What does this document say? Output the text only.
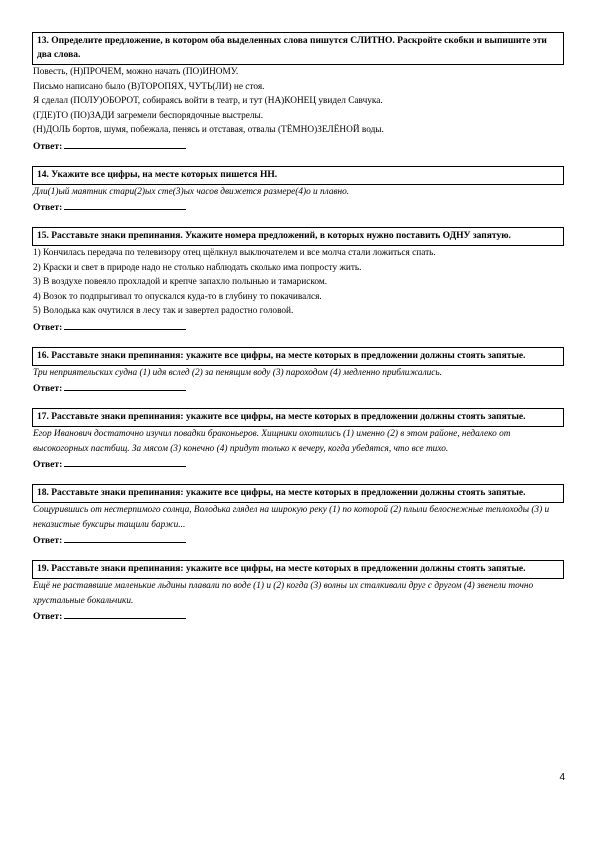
13. Определите предложение, в котором оба выделенных слова пишутся СЛИТНО. Раскройте скобки и выпишите эти два слова.
Повесть, (Н)ПРОЧЕМ, можно начать (ПО)ИНОМУ.
Письмо написано было (В)ТОРОПЯХ, ЧУТЬ(ЛИ) не стоя.
Я сделал (ПОЛУ)ОБОРОТ, собираясь войти в театр, и тут (НА)КОНЕЦ увидел Савчука.
(ГДЕ)ТО (ПО)ЗАДИ загремели беспорядочные выстрелы.
(Н)ДОЛЬ бортов, шумя, побежала, пенясь и отставая, отвалы (ТЁМНО)ЗЕЛЁНОЙ воды.
Ответ:
14. Укажите все цифры, на месте которых пишется НН.
Дли(1)ый маятник стари(2)ых сте(3)ых часов движется размере(4)о и плавно.
Ответ:
15. Расставьте знаки препинания. Укажите номера предложений, в которых нужно поставить ОДНУ запятую.
1) Кончилась передача по телевизору отец щёлкнул выключателем и все молча стали ложиться спать.
2) Краски и свет в природе надо не столько наблюдать сколько има попросту жить.
3) В воздухе повеяло прохладой и крепче запахло полынью и тамариском.
4) Возок то подпрыгивал то опускался куда-то в глубину то покачивался.
5) Володька как очутился в лесу так и завертел радостно головой.
Ответ:
16. Расставьте знаки препинания: укажите все цифры, на месте которых в предложении должны стоять запятые.
Три неприятельских судна (1) идя вслед (2) за пенящим воду (3) пароходом (4) медленно приближались.
Ответ:
17. Расставьте знаки препинания: укажите все цифры, на месте которых в предложении должны стоять запятые.
Егор Иванович достаточно изучил повадки браконьеров. Хищники охотились (1) именно (2) в этом районе, недалеко от высокогорных пастбищ. За мясом (3) конечно (4) придут только к вечеру, когда убедятся, что все тихо.
Ответ:
18. Расставьте знаки препинания: укажите все цифры, на месте которых в предложении должны стоять запятые.
Сощурившись от нестерпимого солнца, Володька глядел на широкую реку (1) по которой (2) плыли белоснежные теплоходы (3) и неказистые буксиры тащили баржи...
Ответ:
19. Расставьте знаки препинания: укажите все цифры, на месте которых в предложении должны стоять запятые.
Ещё не растаявшие маленькие льдины плавали по воде (1) и (2) когда (3) волны их сталкивали друг с другом (4) звенели точно хрустальные бокальчики.
Ответ:
4
